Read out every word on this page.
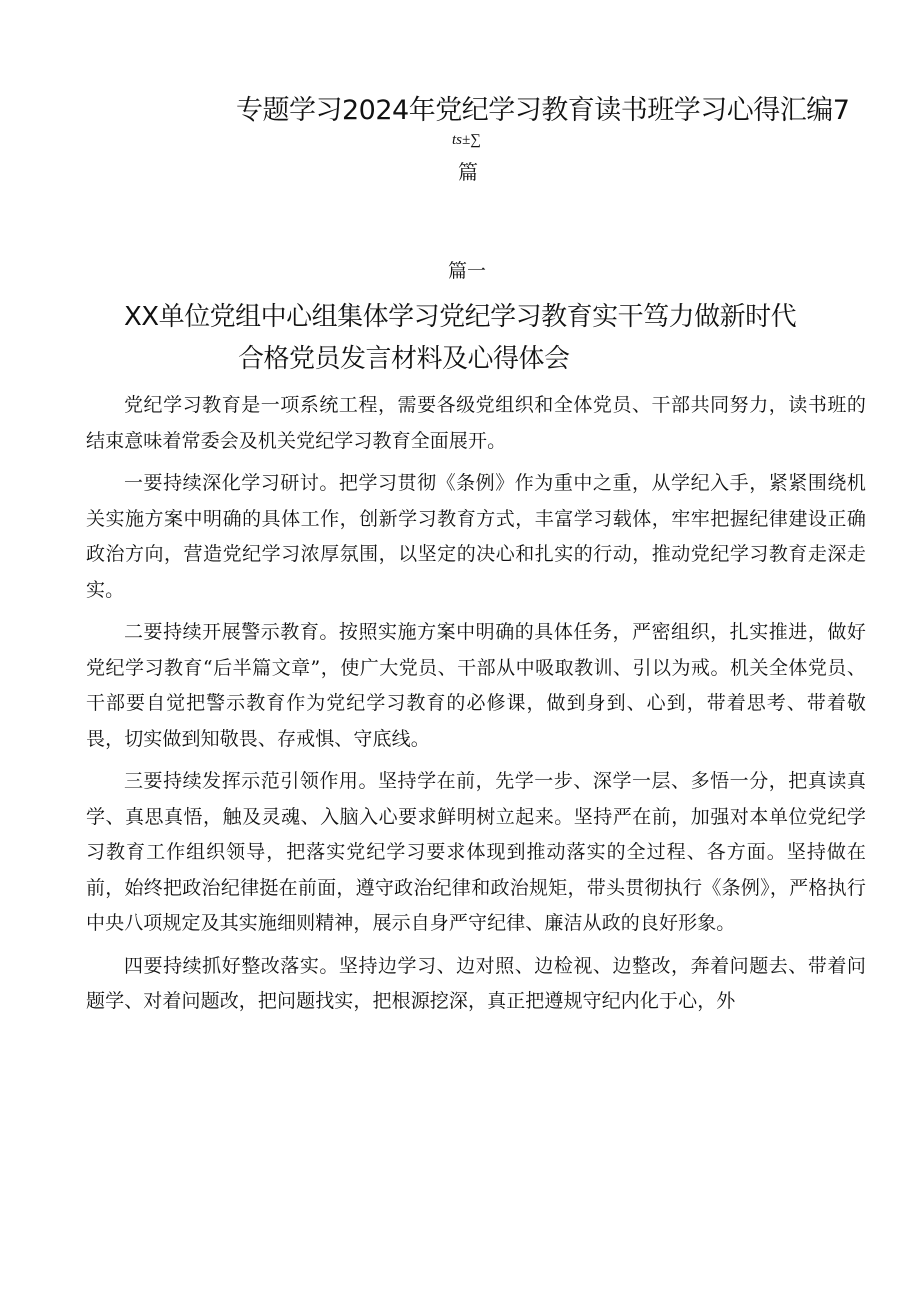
专题学习2024年党纪学习教育读书班学习心得汇编7
ts±∑
篇
篇一
XX单位党组中心组集体学习党纪学习教育实干笃力做新时代
合格党员发言材料及心得体会

党纪学习教育是一项系统工程，需要各级党组织和全体党员、干部共同努力，读书班的结束意味着常委会及机关党纪学习教育全面展开。

一要持续深化学习研讨。把学习贯彻《条例》作为重中之重，从学纪入手，紧紧围绕机关实施方案中明确的具体工作，创新学习教育方式，丰富学习载体，牢牢把握纪律建设正确政治方向，营造党纪学习浓厚氛围，以坚定的决心和扎实的行动，推动党纪学习教育走深走实。

二要持续开展警示教育。按照实施方案中明确的具体任务，严密组织，扎实推进，做好党纪学习教育“后半篇文章”，使广大党员、干部从中吸取教训、引以为戒。机关全体党员、干部要自觉把警示教育作为党纪学习教育的必修课，做到身到、心到，带着思考、带着敬畏，切实做到知敬畏、存戒惧、守底线。

三要持续发挥示范引领作用。坚持学在前，先学一步、深学一层、多悟一分，把真读真学、真思真悟，触及灵魂、入脑入心要求鲜明树立起来。坚持严在前，加强对本单位党纪学习教育工作组织领导，把落实党纪学习要求体现到推动落实的全过程、各方面。坚持做在前，始终把政治纪律挺在前面，遵守政治纪律和政治规矩，带头贯彻执行《条例》，严格执行中央八项规定及其实施细则精神，展示自身严守纪律、廉洁从政的良好形象。

四要持续抓好整改落实。坚持边学习、边对照、边检视、边整改，奔着问题去、带着问题学、对着问题改，把问题找实，把根源挖深，真正把遵规守纪内化于心，外
